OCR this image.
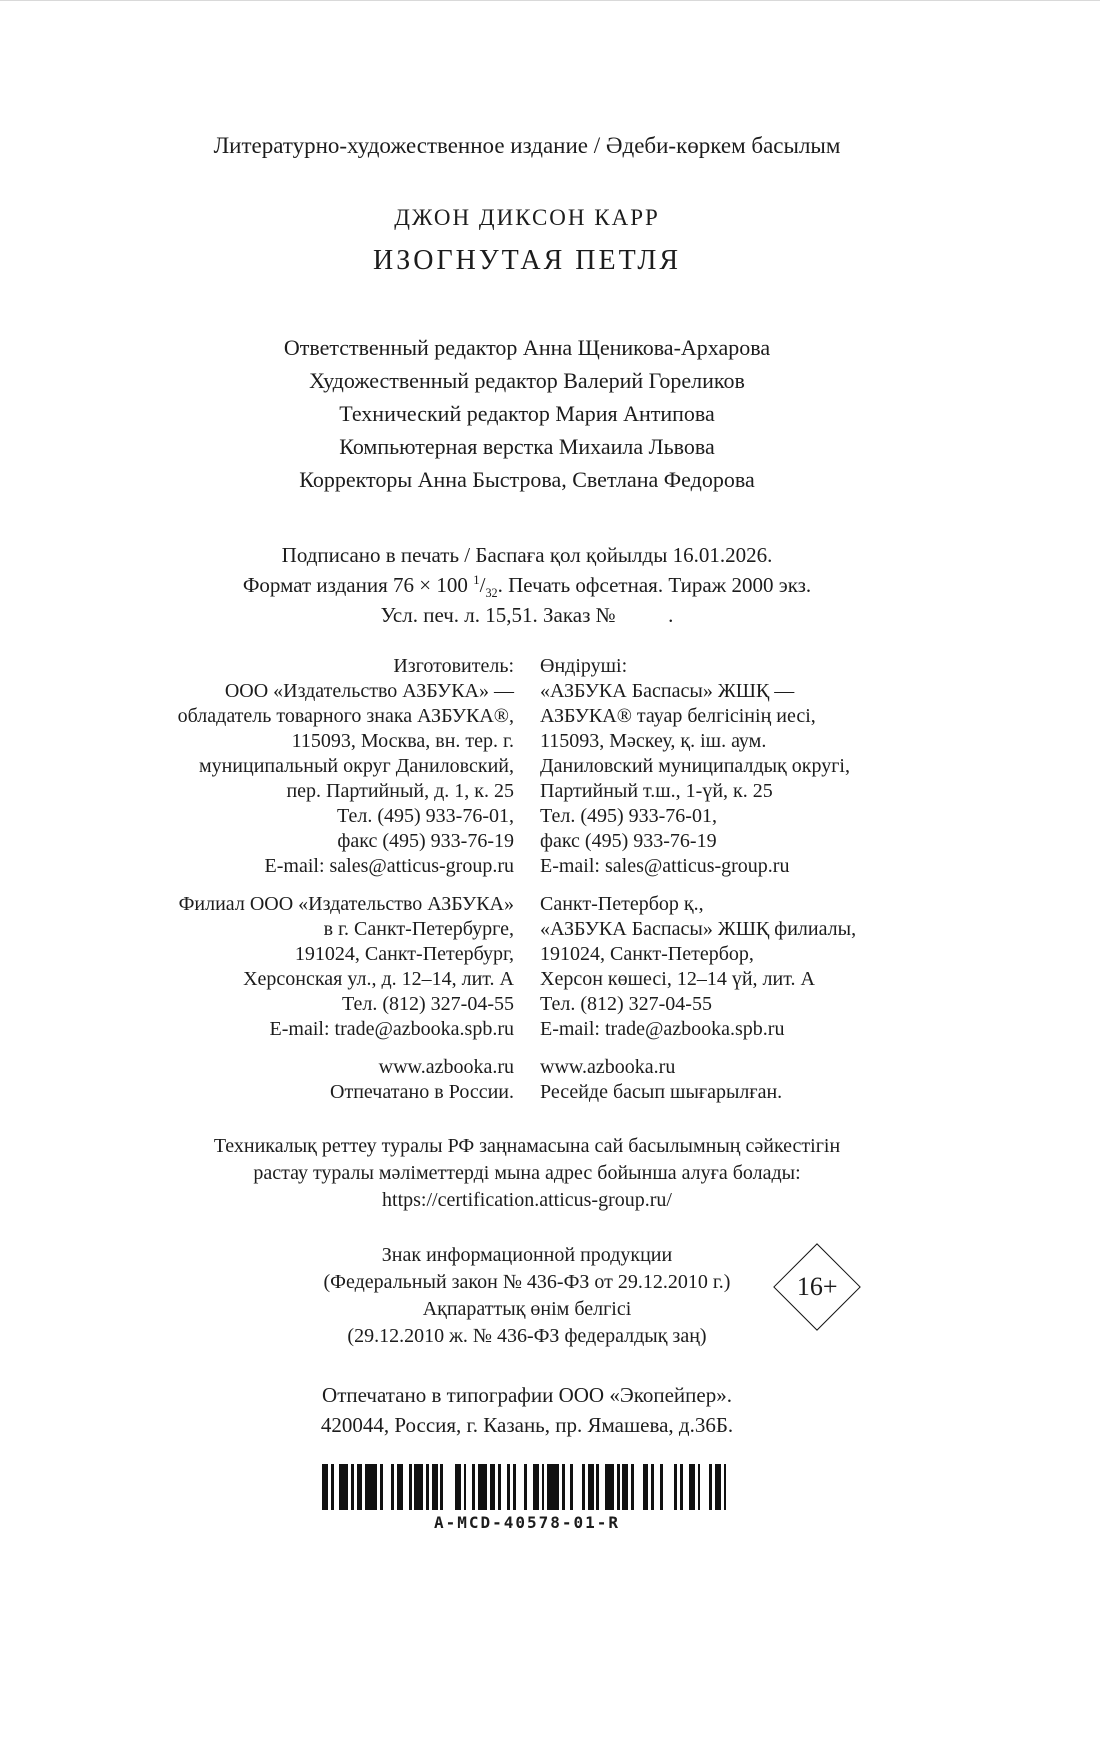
Литературно-художественное издание / Әдеби-көркем басылым
ДЖОН ДИКСОН КАРР
ИЗОГНУТАЯ ПЕТЛЯ
Ответственный редактор Анна Щеникова-Архарова
Художественный редактор Валерий Гореликов
Технический редактор Мария Антипова
Компьютерная верстка Михаила Львова
Корректоры Анна Быстрова, Светлана Федорова
Подписано в печать / Баспаға қол қойылды 16.01.2026.
Формат издания 76 × 100 $^1/_{32}$. Печать офсетная. Тираж 2000 экз.
Усл. печ. л. 15,51. Заказ №          .
Изготовитель:
ООО «Издательство АЗБУКА» —
обладатель товарного знака АЗБУКА®,
115093, Москва, вн. тер. г.
муниципальный округ Даниловский,
пер. Партийный, д. 1, к. 25
Тел. (495) 933-76-01,
факс (495) 933-76-19
E-mail: sales@atticus-group.ru
Филиал ООО «Издательство АЗБУКА»
в г. Санкт-Петербурге,
191024, Санкт-Петербург,
Херсонская ул., д. 12–14, лит. А
Тел. (812) 327-04-55
E-mail: trade@azbooka.spb.ru
www.azbooka.ru
Отпечатано в России.
Өндіруші:
«АЗБУКА Баспасы» ЖШҚ —
АЗБУКА® тауар белгісінің иесі,
115093, Мәскеу, қ. іш. аум.
Даниловский муниципалдық округі,
Партийный т.ш., 1-үй, к. 25
Тел. (495) 933-76-01,
факс (495) 933-76-19
E-mail: sales@atticus-group.ru
Санкт-Петербор қ.,
«АЗБУКА Баспасы» ЖШҚ филиалы,
191024, Санкт-Петербор,
Херсон көшесі, 12–14 үй, лит. А
Тел. (812) 327-04-55
E-mail: trade@azbooka.spb.ru
www.azbooka.ru
Ресейде басып шығарылған.
Техникалық реттеу туралы РФ заңнамасына сай басылымның сәйкестігін
растау туралы мәліметтерді мына адрес бойынша алуға болады:
https://certification.atticus-group.ru/
Знак информационной продукции
(Федеральный закон № 436-ФЗ от 29.12.2010 г.)
Ақпараттық өнім белгісі
(29.12.2010 ж. № 436-ФЗ федералдық заң)
16+
Отпечатано в типографии ООО «Экопейпер».
420044, Россия, г. Казань, пр. Ямашева, д.36Б.
A-MCD-40578-01-R
